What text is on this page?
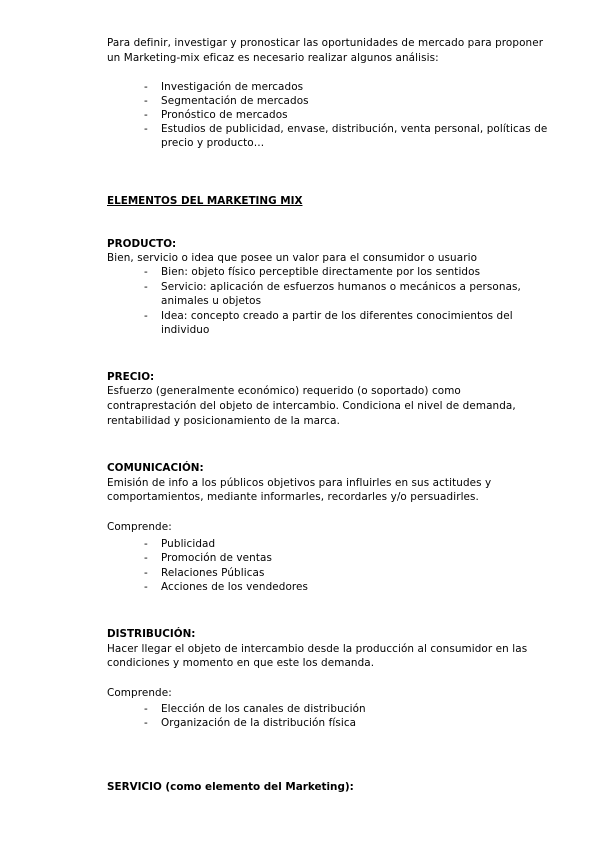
Para definir, investigar y pronosticar las oportunidades de mercado para proponer
un Marketing-mix eficaz es necesario realizar algunos análisis:
- Investigación de mercados
- Segmentación de mercados
- Pronóstico de mercados
- Estudios de publicidad, envase, distribución, venta personal, políticas de
precio y producto…
ELEMENTOS DEL MARKETING MIX
PRODUCTO:
Bien, servicio o idea que posee un valor para el consumidor o usuario
- Bien: objeto físico perceptible directamente por los sentidos
- Servicio: aplicación de esfuerzos humanos o mecánicos a personas,
animales u objetos
- Idea: concepto creado a partir de los diferentes conocimientos del
individuo
PRECIO:
Esfuerzo (generalmente económico) requerido (o soportado) como
contraprestación del objeto de intercambio. Condiciona el nivel de demanda,
rentabilidad y posicionamiento de la marca.
COMUNICACIÓN:
Emisión de info a los públicos objetivos para influirles en sus actitudes y
comportamientos, mediante informarles, recordarles y/o persuadirles.
Comprende:
- Publicidad
- Promoción de ventas
- Relaciones Públicas
- Acciones de los vendedores
DISTRIBUCIÓN:
Hacer llegar el objeto de intercambio desde la producción al consumidor en las
condiciones y momento en que este los demanda.
Comprende:
- Elección de los canales de distribución
- Organización de la distribución física
SERVICIO (como elemento del Marketing):
